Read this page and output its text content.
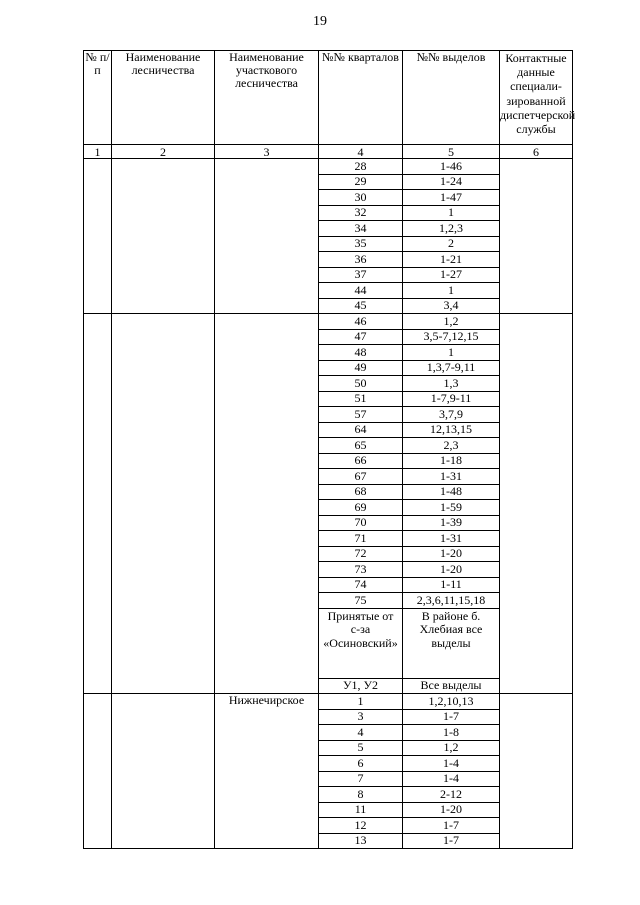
19
№ п/п	Наименование лесничества	Наименование участкового лесничества	№№ кварталов	№№ выделов	Контактные данные специали-зированной диспетчерской службы
1	2	3	4	5	6
			28	1-46	
			29	1-24	
			30	1-47	
			32	1	
			34	1,2,3	
			35	2	
			36	1-21	
			37	1-27	
			44	1	
			45	3,4	
			46	1,2	
			47	3,5-7,12,15	
			48	1	
			49	1,3,7-9,11	
			50	1,3	
			51	1-7,9-11	
			57	3,7,9	
			64	12,13,15	
			65	2,3	
			66	1-18	
			67	1-31	
			68	1-48	
			69	1-59	
			70	1-39	
			71	1-31	
			72	1-20	
			73	1-20	
			74	1-11	
			75	2,3,6,11,15,18	
			Принятые от с-за «Осиновский»	В районе б. Хлебиая все выделы	
			У1, У2	Все выделы	
		Нижнечирское	1	1,2,10,13	
			3	1-7	
			4	1-8	
			5	1,2	
			6	1-4	
			7	1-4	
			8	2-12	
			11	1-20	
			12	1-7	
			13	1-7	
